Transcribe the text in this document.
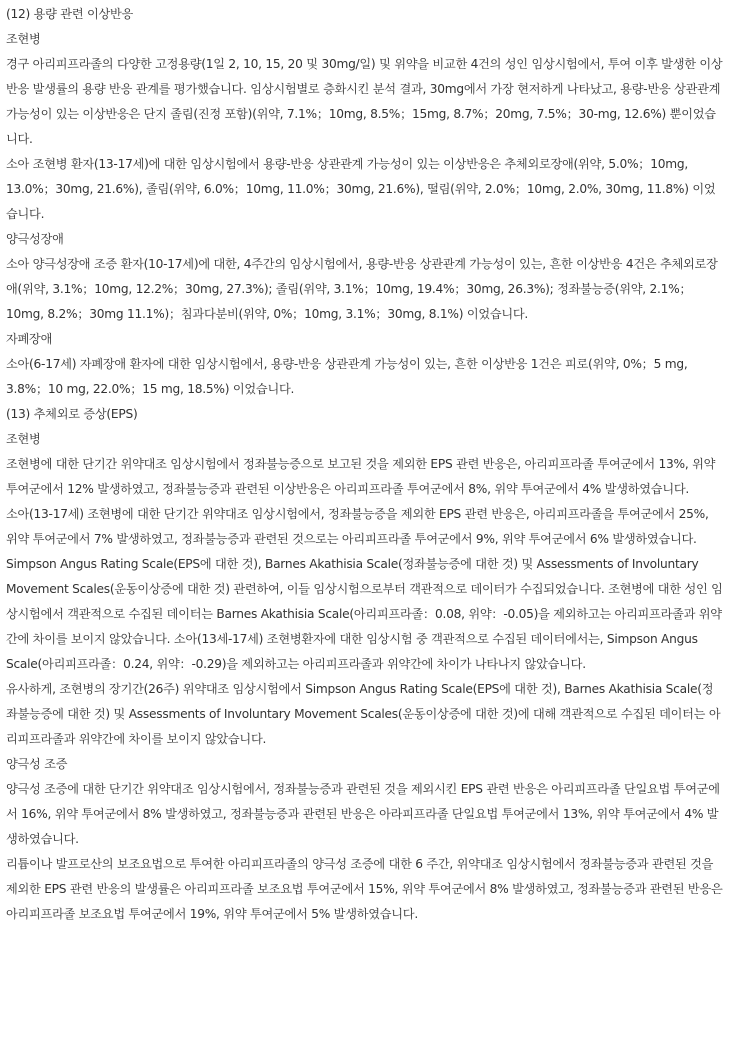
(12) 용량 관련 이상반응

조현병

경구 아리피프라졸의 다양한 고정용량(1일 2, 10, 15, 20 및 30mg/일) 및 위약을 비교한 4건의 성인 임상시험에서, 투여 이후 발생한 이상반응 발생률의 용량 반응 관계를 평가했습니다. 임상시험별로 층화시킨 분석 결과, 30mg에서 가장 현저하게 나타났고, 용량-반응 상관관계 가능성이 있는 이상반응은 단지 졸림(진정 포함)(위약, 7.1%；10mg, 8.5%；15mg, 8.7%；20mg, 7.5%；30-mg, 12.6%) 뿐이었습니다.

소아 조현병 환자(13-17세)에 대한 임상시험에서 용량-반응 상관관계 가능성이 있는 이상반응은 추체외로장애(위약, 5.0%；10mg, 13.0%；30mg, 21.6%), 졸림(위약, 6.0%；10mg, 11.0%；30mg, 21.6%), 떨림(위약, 2.0%；10mg, 2.0%, 30mg, 11.8%) 이었습니다.

양극성장애

소아 양극성장애 조증 환자(10-17세)에 대한, 4주간의 임상시험에서, 용량-반응 상관관계 가능성이 있는, 흔한 이상반응 4건은 추체외로장애(위약, 3.1%；10mg, 12.2%；30mg, 27.3%); 졸림(위약, 3.1%；10mg, 19.4%；30mg, 26.3%); 정좌불능증(위약, 2.1%；10mg, 8.2%；30mg 11.1%)；침과다분비(위약, 0%；10mg, 3.1%；30mg, 8.1%) 이었습니다.

자폐장애

소아(6-17세) 자폐장애 환자에 대한 임상시험에서, 용량-반응 상관관계 가능성이 있는, 흔한 이상반응 1건은 피로(위약, 0%；5 mg, 3.8%；10 mg, 22.0%；15 mg, 18.5%) 이었습니다.

(13) 추체외로 증상(EPS)

조현병

조현병에 대한 단기간 위약대조 임상시험에서 정좌불능증으로 보고된 것을 제외한 EPS 관련 반응은, 아리피프라졸 투여군에서 13%, 위약 투여군에서 12% 발생하였고, 정좌불능증과 관련된 이상반응은 아리피프라졸 투여군에서 8%, 위약 투여군에서 4% 발생하였습니다.

소아(13-17세) 조현병에 대한 단기간 위약대조 임상시험에서, 정좌불능증을 제외한 EPS 관련 반응은, 아리피프라졸을 투여군에서 25%, 위약 투여군에서 7% 발생하였고, 정좌불능증과 관련된 것으로는 아리피프라졸 투여군에서 9%, 위약 투여군에서 6% 발생하였습니다.

Simpson Angus Rating Scale(EPS에 대한 것), Barnes Akathisia Scale(정좌불능증에 대한 것) 및 Assessments of Involuntary Movement Scales(운동이상증에 대한 것) 관련하여, 이들 임상시험으로부터 객관적으로 데이터가 수집되었습니다. 조현병에 대한 성인 임상시험에서 객관적으로 수집된 데이터는 Barnes Akathisia Scale(아리피프라졸：0.08, 위약：-0.05)을 제외하고는 아리피프라졸과 위약간에 차이를 보이지 않았습니다. 소아(13세-17세) 조현병환자에 대한 임상시험 중 객관적으로 수집된 데이터에서는, Simpson Angus Scale(아리피프라졸：0.24, 위약：-0.29)을 제외하고는 아리피프라졸과 위약간에 차이가 나타나지 않았습니다.

유사하게, 조현병의 장기간(26주) 위약대조 임상시험에서 Simpson Angus Rating Scale(EPS에 대한 것), Barnes Akathisia Scale(정좌불능증에 대한 것) 및 Assessments of Involuntary Movement Scales(운동이상증에 대한 것)에 대해 객관적으로 수집된 데이터는 아리피프라졸과 위약간에 차이를 보이지 않았습니다.

양극성 조증

양극성 조증에 대한 단기간 위약대조 임상시험에서, 정좌불능증과 관련된 것을 제외시킨 EPS 관련 반응은 아리피프라졸 단일요법 투여군에서 16%, 위약 투여군에서 8% 발생하였고, 정좌불능증과 관련된 반응은 아라피프라졸 단일요법 투여군에서 13%, 위약 투여군에서 4% 발생하였습니다.

리튬이나 발프로산의 보조요법으로 투여한 아리피프라졸의 양극성 조증에 대한 6 주간, 위약대조 임상시험에서 정좌불능증과 관련된 것을 제외한 EPS 관련 반응의 발생률은 아리피프라졸 보조요법 투여군에서 15%, 위약 투여군에서 8% 발생하였고, 정좌불능증과 관련된 반응은 아리피프라졸 보조요법 투여군에서 19%, 위약 투여군에서 5% 발생하였습니다.
